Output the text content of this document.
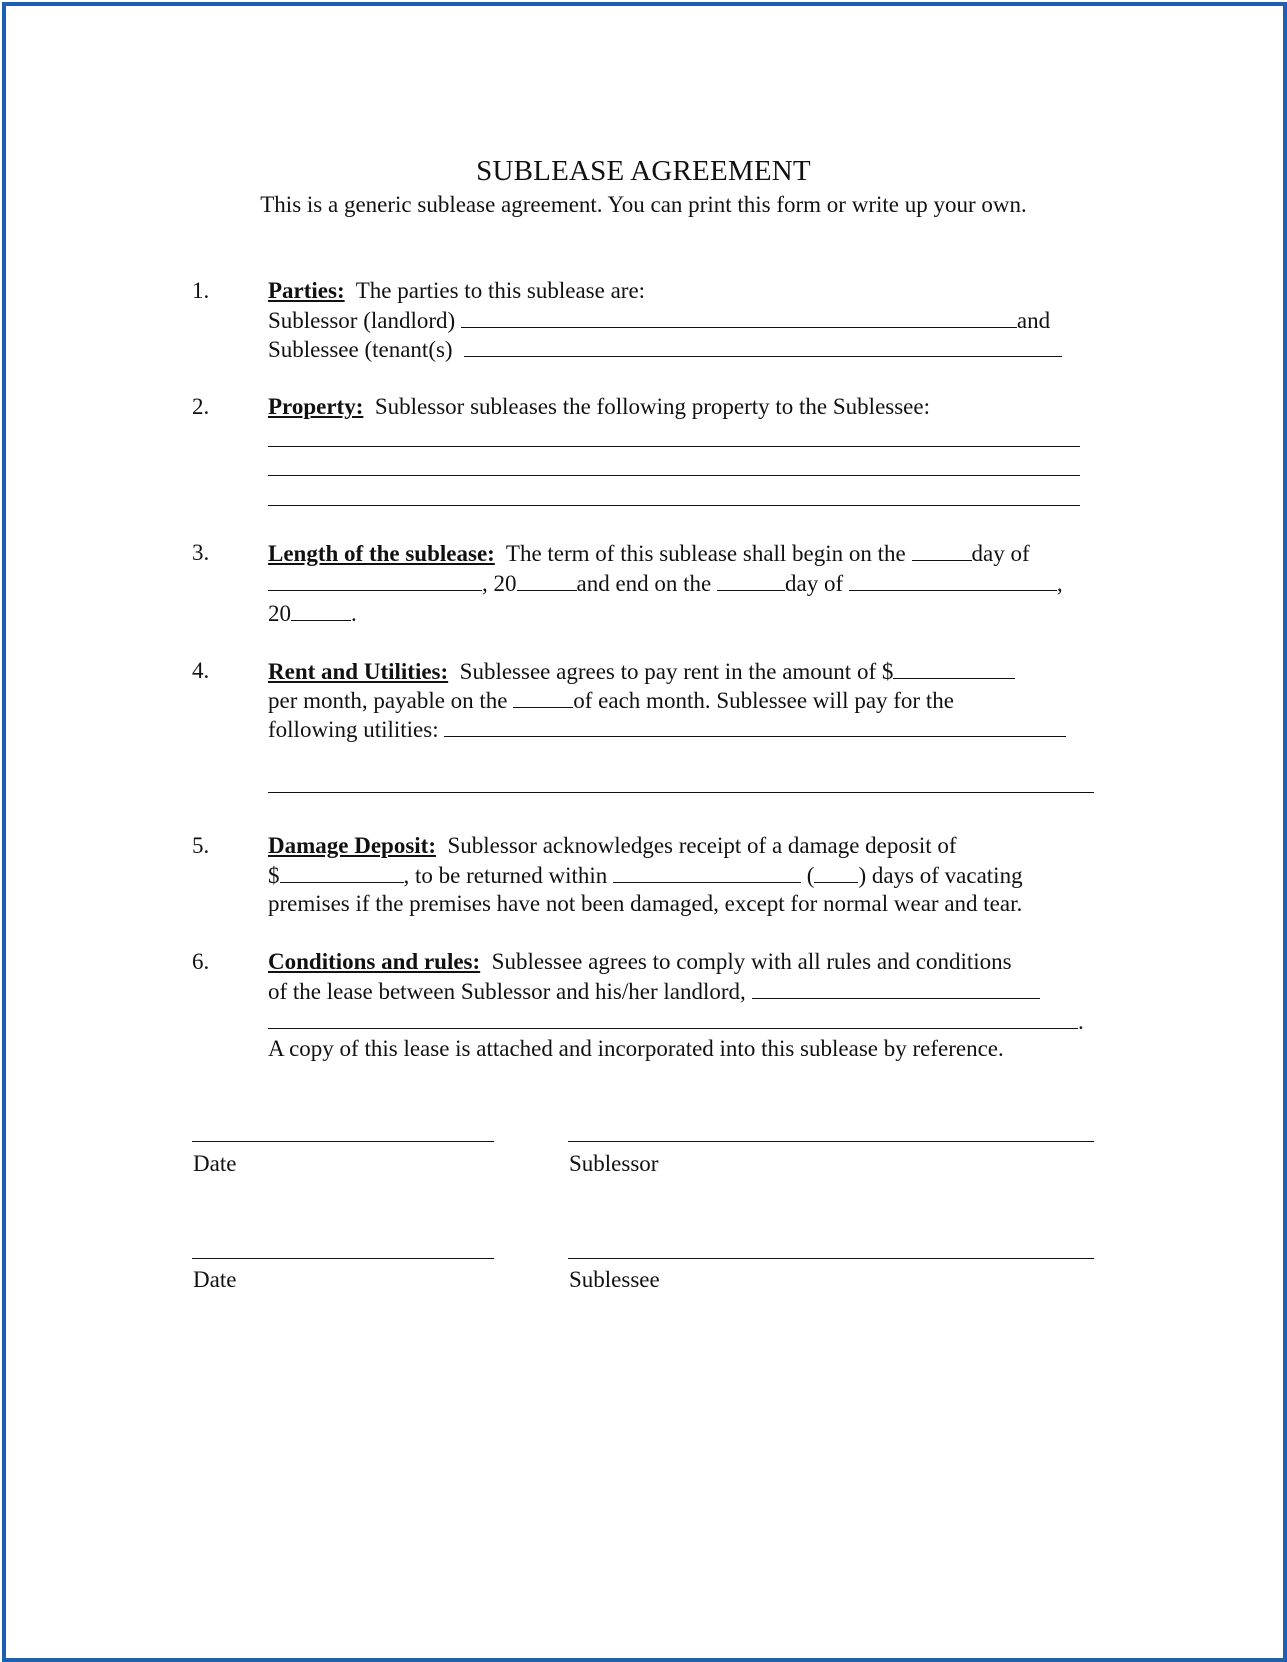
SUBLEASE AGREEMENT
This is a generic sublease agreement. You can print this form or write up your own.
1.	Parties: The parties to this sublease are:
Sublessor (landlord)	and
Sublessee (tenant(s)
2.	Property: Sublessor subleases the following property to the Sublessee:
3.	Length of the sublease: The term of this sublease shall begin on the	day of
, 20	and end on the	day of	,
20	.
4.	Rent and Utilities: Sublessee agrees to pay rent in the amount of $
per month, payable on the	of each month. Sublessee will pay for the
following utilities:
5.	Damage Deposit: Sublessor acknowledges receipt of a damage deposit of
$	, to be returned within	( ) days of vacating
premises if the premises have not been damaged, except for normal wear and tear.
6.	Conditions and rules: Sublessee agrees to comply with all rules and conditions
of the lease between Sublessor and his/her landlord,
.
A copy of this lease is attached and incorporated into this sublease by reference.
Date	Sublessor
Date	Sublessee
